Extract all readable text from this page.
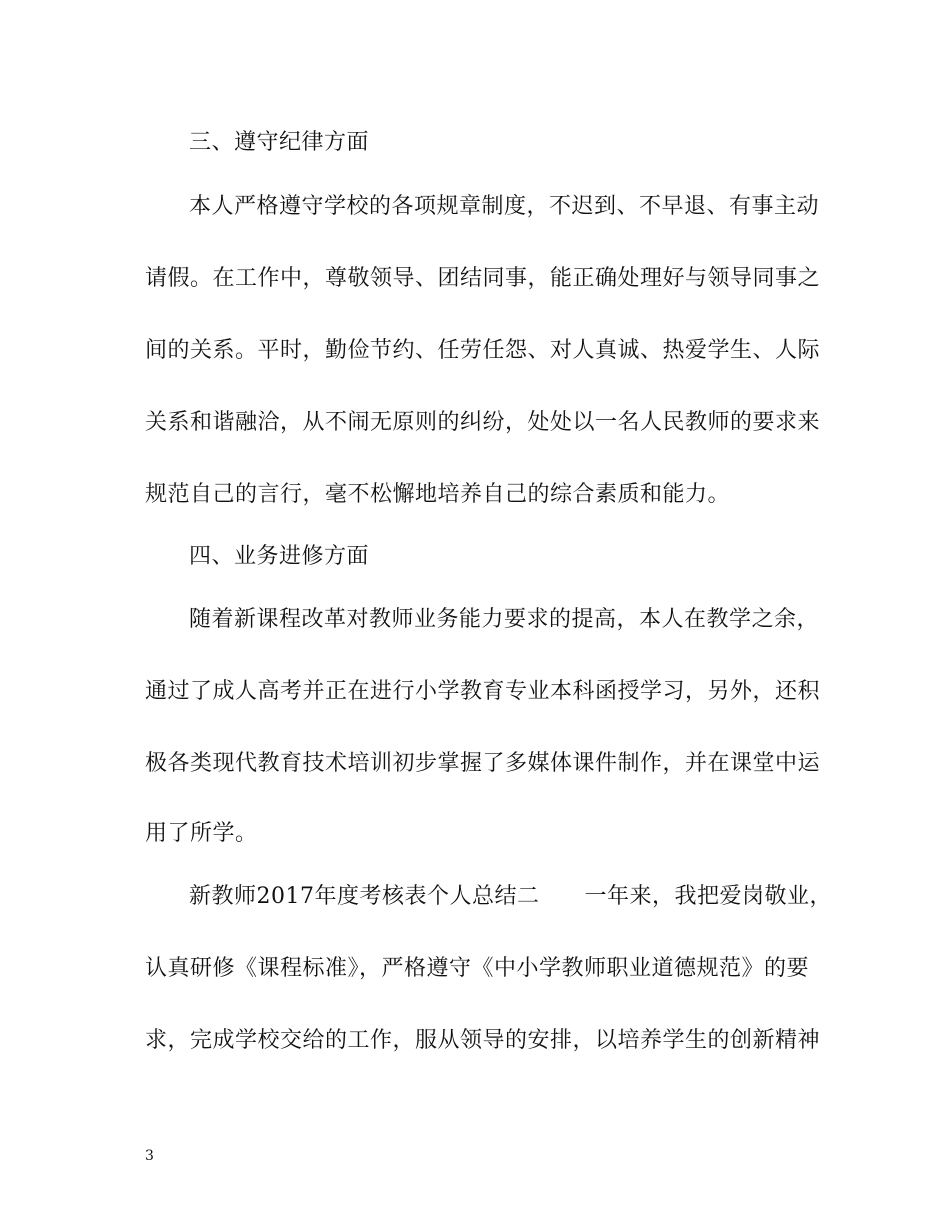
三、遵守纪律方面
本人严格遵守学校的各项规章制度，不迟到、不早退、有事主动
请假。在工作中，尊敬领导、团结同事，能正确处理好与领导同事之
间的关系。平时，勤俭节约、任劳任怨、对人真诚、热爱学生、人际
关系和谐融洽，从不闹无原则的纠纷，处处以一名人民教师的要求来
规范自己的言行，毫不松懈地培养自己的综合素质和能力。
四、业务进修方面
随着新课程改革对教师业务能力要求的提高，本人在教学之余，
通过了成人高考并正在进行小学教育专业本科函授学习，另外，还积
极各类现代教育技术培训初步掌握了多媒体课件制作，并在课堂中运
用了所学。
新教师2017年度考核表个人总结二　　一年来，我把爱岗敬业，
认真研修《课程标准》，严格遵守《中小学教师职业道德规范》的要
求，完成学校交给的工作，服从领导的安排，以培养学生的创新精神
3
